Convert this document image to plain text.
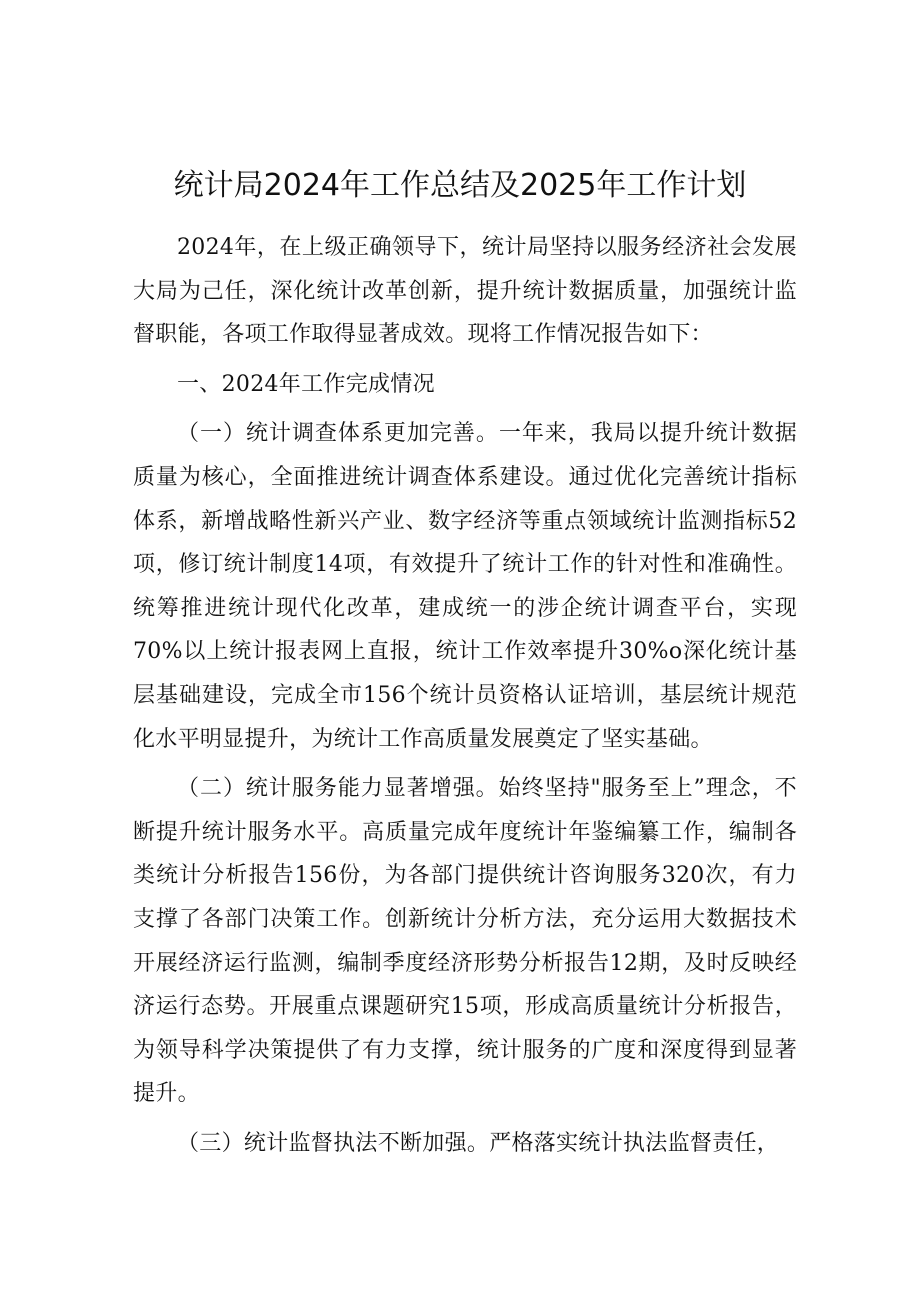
统计局2024年工作总结及2025年工作计划

2024年，在上级正确领导下，统计局坚持以服务经济社会发展大局为己任，深化统计改革创新，提升统计数据质量，加强统计监督职能，各项工作取得显著成效。现将工作情况报告如下：

一、2024年工作完成情况

（一）统计调查体系更加完善。一年来，我局以提升统计数据质量为核心，全面推进统计调查体系建设。通过优化完善统计指标体系，新增战略性新兴产业、数字经济等重点领域统计监测指标52项，修订统计制度14项，有效提升了统计工作的针对性和准确性。统筹推进统计现代化改革，建成统一的涉企统计调查平台，实现70%以上统计报表网上直报，统计工作效率提升30%o深化统计基层基础建设，完成全市156个统计员资格认证培训，基层统计规范化水平明显提升，为统计工作高质量发展奠定了坚实基础。

（二）统计服务能力显著增强。始终坚持"服务至上”理念，不断提升统计服务水平。高质量完成年度统计年鉴编纂工作，编制各类统计分析报告156份，为各部门提供统计咨询服务320次，有力支撑了各部门决策工作。创新统计分析方法，充分运用大数据技术开展经济运行监测，编制季度经济形势分析报告12期，及时反映经济运行态势。开展重点课题研究15项，形成高质量统计分析报告，为领导科学决策提供了有力支撑，统计服务的广度和深度得到显著提升。

（三）统计监督执法不断加强。严格落实统计执法监督责任，
